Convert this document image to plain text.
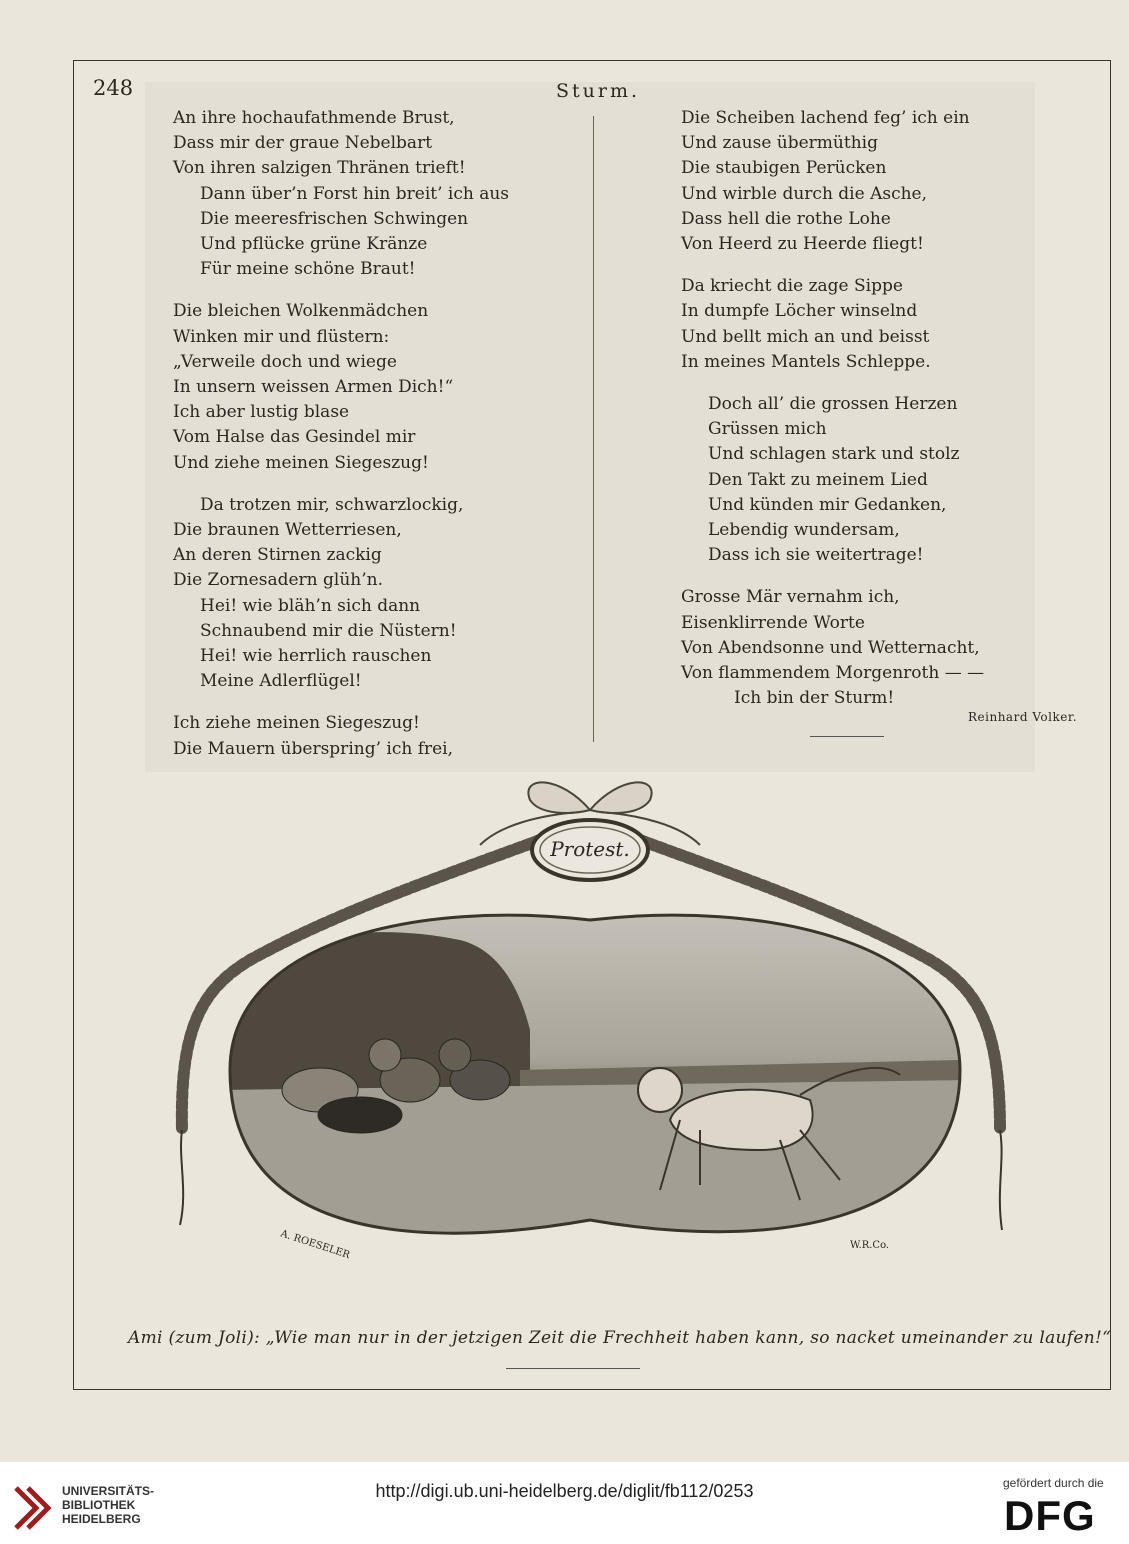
248	Sturm.
An ihre hochaufathmende Brust,
Dass mir der graue Nebelbart
Von ihren salzigen Thränen trieft!
Dann über’n Forst hin breit’ ich aus
Die meeresfrischen Schwingen
Und pflücke grüne Kränze
Für meine schöne Braut!
Die bleichen Wolkenmädchen
Winken mir und flüstern:
„Verweile doch und wiege
In unsern weissen Armen Dich!“
Ich aber lustig blase
Vom Halse das Gesindel mir
Und ziehe meinen Siegeszug!
Da trotzen mir, schwarzlockig,
Die braunen Wetterriesen,
An deren Stirnen zackig
Die Zornesadern glüh’n.
Hei! wie bläh’n sich dann
Schnaubend mir die Nüstern!
Hei! wie herrlich rauschen
Meine Adlerflügel!
Ich ziehe meinen Siegeszug!
Die Mauern überspring’ ich frei,
Die Scheiben lachend feg’ ich ein
Und zause übermüthig
Die staubigen Perücken
Und wirble durch die Asche,
Dass hell die rothe Lohe
Von Heerd zu Heerde fliegt!
Da kriecht die zage Sippe
In dumpfe Löcher winselnd
Und bellt mich an und beisst
In meines Mantels Schleppe.
Doch all’ die grossen Herzen
Grüssen mich
Und schlagen stark und stolz
Den Takt zu meinem Lied
Und künden mir Gedanken,
Lebendig wundersam,
Dass ich sie weitertrage!
Grosse Mär vernahm ich,
Eisenklirrende Worte
Von Abendsonne und Wetternacht,
Von flammendem Morgenroth — —
Ich bin der Sturm!
Reinhard Volker.
Protest.
A. ROESELER	W.R.Co.
Ami (zum Joli): „Wie man nur in der jetzigen Zeit die Frechheit haben kann, so nacket umeinander zu laufen!“
UNIVERSITÄTS-
BIBLIOTHEK
HEIDELBERG
http://digi.ub.uni-heidelberg.de/diglit/fb112/0253	gefördert durch die
DFG
